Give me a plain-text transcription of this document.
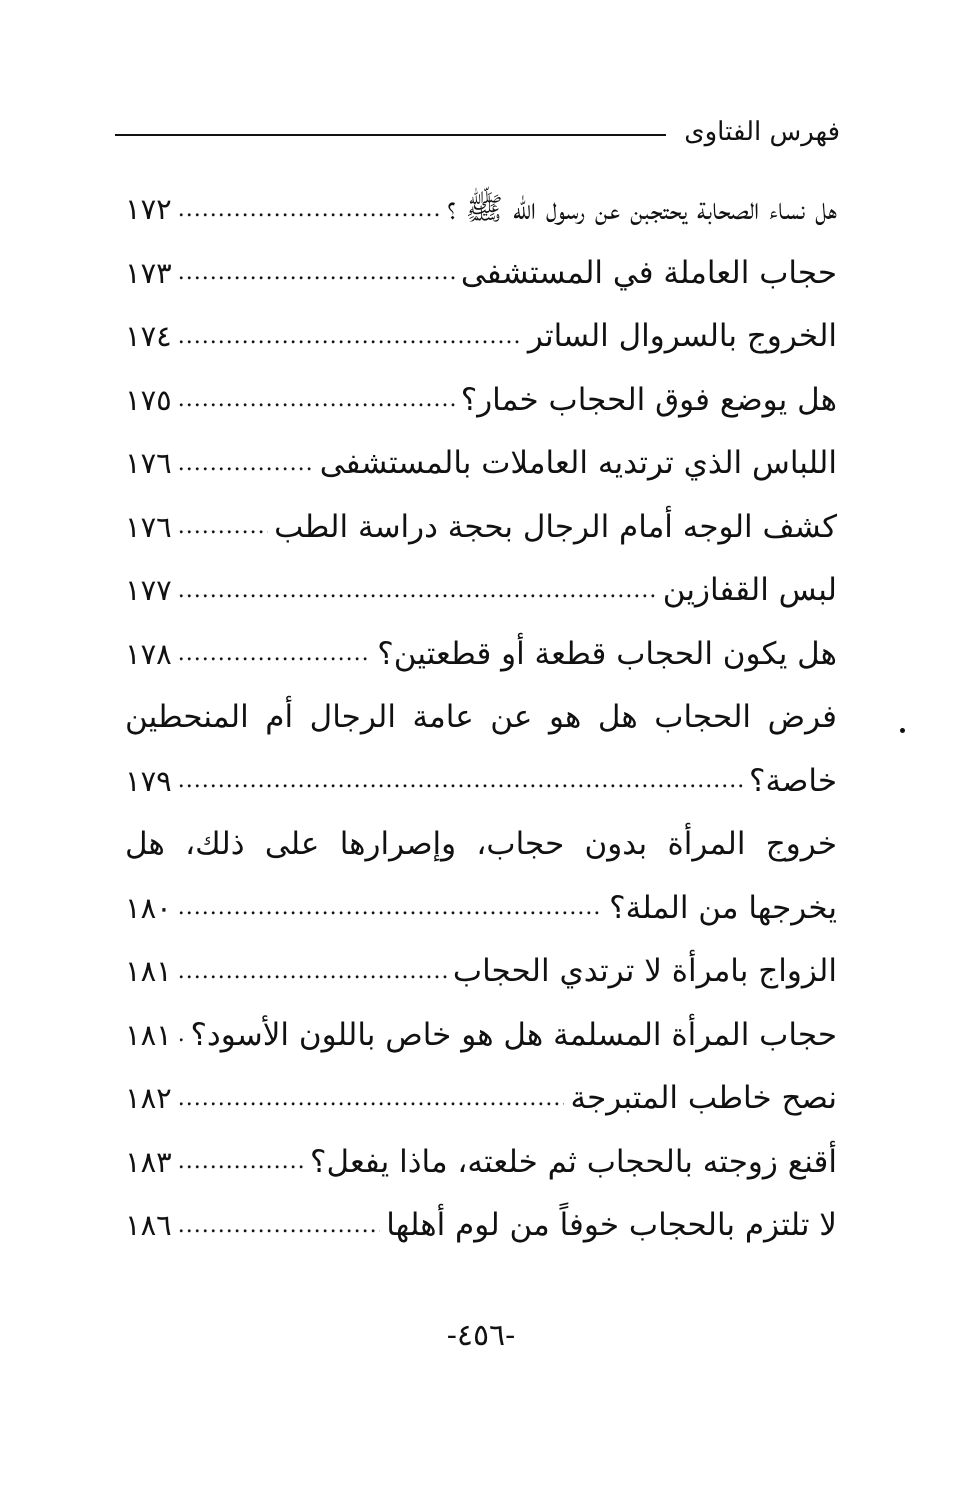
فهرس الفتاوى
هل نساء الصحابة يحتجبن عن رسول الله ﷺ ؟
.....
١٧٢
حجاب العاملة في المستشفى
.....
١٧٣
الخروج بالسروال الساتر
.....
١٧٤
هل يوضع فوق الحجاب خمار؟
.....
١٧٥
اللباس الذي ترتديه العاملات بالمستشفى
.....
١٧٦
كشف الوجه أمام الرجال بحجة دراسة الطب
.....
١٧٦
لبس القفازين
.....
١٧٧
هل يكون الحجاب قطعة أو قطعتين؟
.....
١٧٨
فرض الحجاب هل هو عن عامة الرجال أم المنحطين
خاصة؟
.....
١٧٩
خروج المرأة بدون حجاب، وإصرارها على ذلك، هل
يخرجها من الملة؟
.....
١٨٠
الزواج بامرأة لا ترتدي الحجاب
.....
١٨١
حجاب المرأة المسلمة هل هو خاص باللون الأسود؟
.....
١٨١
نصح خاطب المتبرجة
.....
١٨٢
أقنع زوجته بالحجاب ثم خلعته، ماذا يفعل؟
.....
١٨٣
لا تلتزم بالحجاب خوفاً من لوم أهلها
.....
١٨٦
-٤٥٦-
